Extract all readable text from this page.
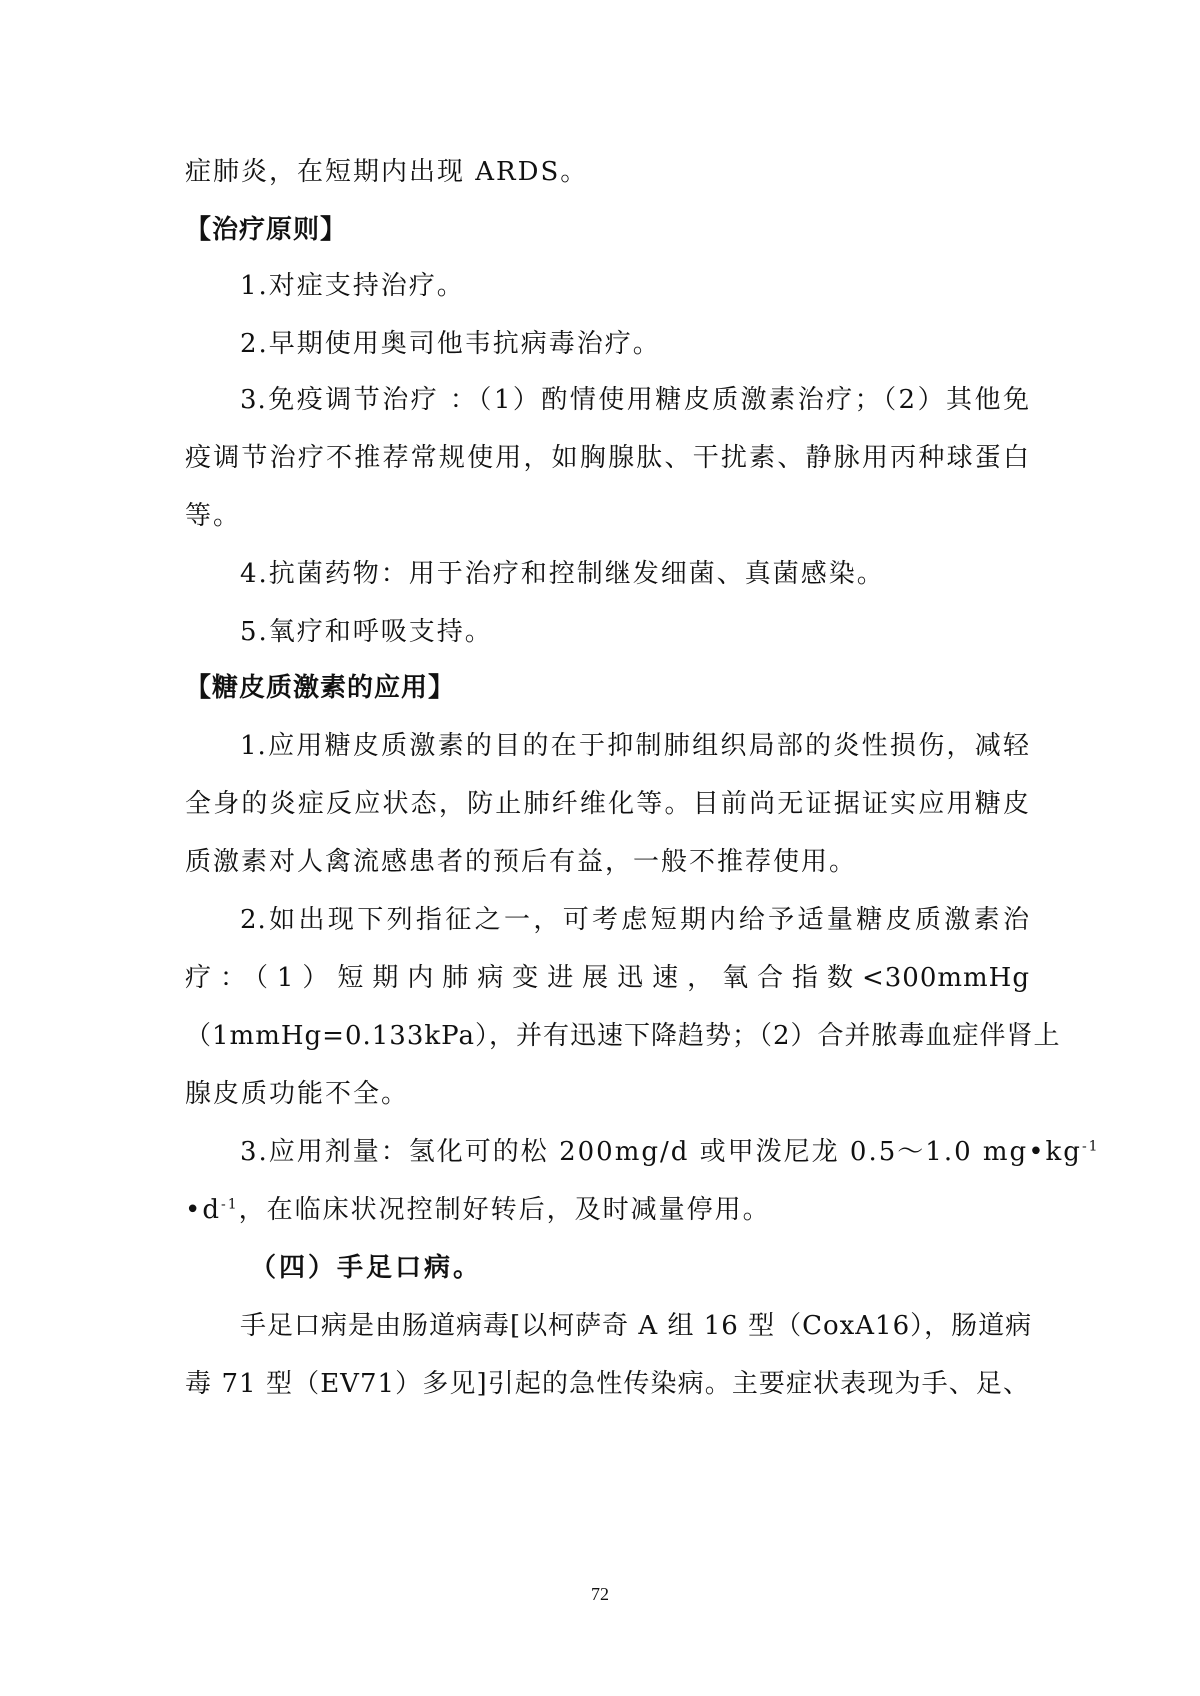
症肺炎，在短期内出现 ARDS。
【治疗原则】
1.对症支持治疗。
2.早期使用奥司他韦抗病毒治疗。
3.免疫调节治疗 ：（1）酌情使用糖皮质激素治疗；（2）其他免
疫调节治疗不推荐常规使用，如胸腺肽、干扰素、静脉用丙种球蛋白
等。
4.抗菌药物：用于治疗和控制继发细菌、真菌感染。
5.氧疗和呼吸支持。
【糖皮质激素的应用】
1.应用糖皮质激素的目的在于抑制肺组织局部的炎性损伤，减轻
全身的炎症反应状态，防止肺纤维化等。目前尚无证据证实应用糖皮
质激素对人禽流感患者的预后有益，一般不推荐使用。
2.如出现下列指征之一，可考虑短期内给予适量糖皮质激素治
疗：（1）短期内肺病变进展迅速，氧合指数<300mmHg
（1mmHg=0.133kPa），并有迅速下降趋势；（2）合并脓毒血症伴肾上
腺皮质功能不全。
3.应用剂量：氢化可的松 200mg/d 或甲泼尼龙 0.5～1.0 $mg•kg^{-1}$
$•d^{-1}$，在临床状况控制好转后，及时减量停用。
（四）手足口病。
手足口病是由肠道病毒[以柯萨奇 A 组 16 型（CoxA16），肠道病
毒 71 型（EV71）多见]引起的急性传染病。主要症状表现为手、足、
72
